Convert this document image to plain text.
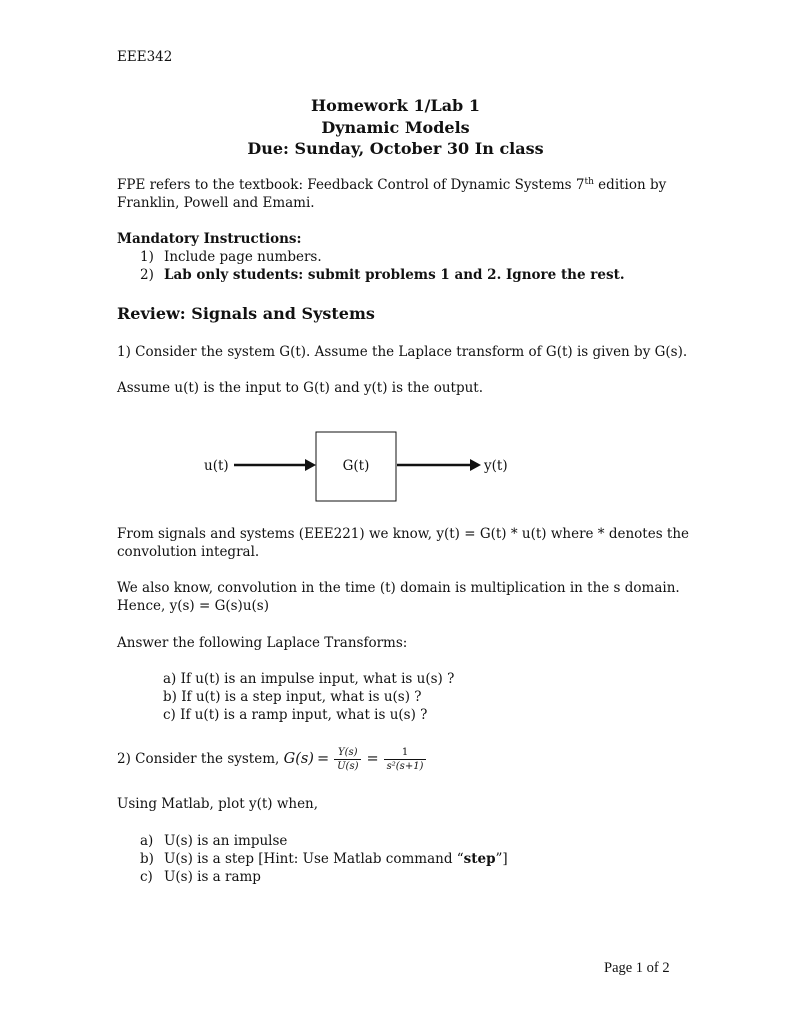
EEE342
Homework 1/Lab 1
Dynamic Models
Due: Sunday, October 30 In class
FPE refers to the textbook: Feedback Control of Dynamic Systems 7th edition by
Franklin, Powell and Emami.
Mandatory Instructions:
1) Include page numbers.
2) Lab only students: submit problems 1 and 2. Ignore the rest.
Review: Signals and Systems
1) Consider the system G(t). Assume the Laplace transform of G(t) is given by G(s).
Assume u(t) is the input to G(t) and y(t) is the output.
u(t)	G(t)	y(t)
From signals and systems (EEE221) we know, y(t) = G(t) * u(t) where * denotes the
convolution integral.
We also know, convolution in the time (t) domain is multiplication in the s domain.
Hence, y(s) = G(s)u(s)
Answer the following Laplace Transforms:
a) If u(t) is an impulse input, what is u(s) ?
b) If u(t) is a step input, what is u(s) ?
c) If u(t) is a ramp input, what is u(s) ?
2) Consider the system, $G(s) = \frac{Y(s)}{U(s)} = \frac{1}{\text{s²(s+1)}}$
Using Matlab, plot y(t) when,
a) U(s) is an impulse
b) U(s) is a step [Hint: Use Matlab command “step”]
c) U(s) is a ramp
Page 1 of 2
